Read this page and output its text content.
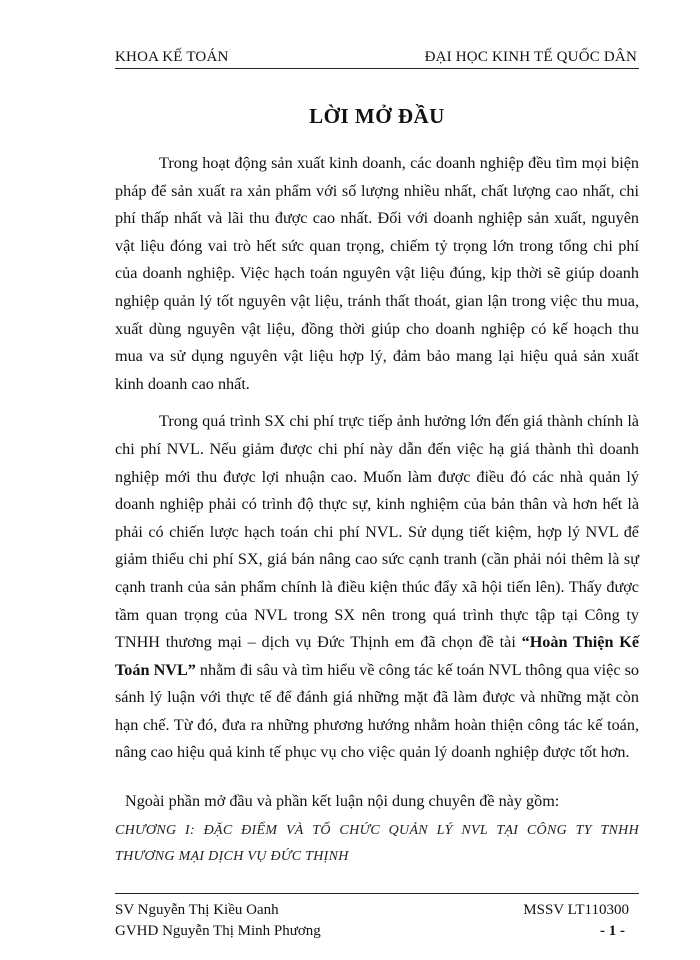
KHOA KẾ TOÁN	ĐẠI HỌC KINH TẾ QUỐC DÂN
LỜI MỞ ĐẦU

Trong hoạt động sản xuất kinh doanh, các doanh nghiệp đều tìm mọi biện pháp để sản xuất ra xản phẩm với số lượng nhiều nhất, chất lượng cao nhất, chi phí thấp nhất và lãi thu được cao nhất. Đối với doanh nghiệp sản xuất, nguyên vật liệu đóng vai trò hết sức quan trọng, chiếm tỷ trọng lớn trong tổng chi phí của doanh nghiệp. Việc hạch toán nguyên vật liệu đúng, kịp thời sẽ giúp doanh nghiệp quản lý tốt nguyên vật liệu, tránh thất thoát, gian lận trong việc thu mua, xuất dùng nguyên vật liệu, đồng thời giúp cho doanh nghiệp có kế hoạch thu mua va sử dụng nguyên vật liệu hợp lý, đảm bảo mang lại hiệu quả sản xuất kinh doanh cao nhất.

Trong quá trình SX chi phí trực tiếp ảnh hưởng lớn đến giá thành chính là chi phí NVL. Nếu giảm được chi phí này dẫn đến việc hạ giá thành thì doanh nghiệp mới thu được lợi nhuận cao. Muốn làm được điều đó các nhà quản lý doanh nghiệp phải có trình độ thực sự, kinh nghiệm của bản thân và hơn hết là phải có chiến lược hạch toán chi phí NVL. Sử dụng tiết kiệm, hợp lý NVL để giảm thiểu chi phí SX, giá bán nâng cao sức cạnh tranh (cần phải nói thêm là sự cạnh tranh của sản phẩm chính là điều kiện thúc đẩy xã hội tiến lên). Thấy được tầm quan trọng của NVL trong SX nên trong quá trình thực tập tại Công ty TNHH thương mại – dịch vụ Đức Thịnh em đã chọn đề tài “Hoàn Thiện Kế Toán NVL” nhằm đi sâu và tìm hiểu về công tác kế toán NVL thông qua việc so sánh lý luận với thực tế để đánh giá những mặt đã làm được và những mặt còn hạn chế. Từ đó, đưa ra những phương hướng nhằm hoàn thiện công tác kế toán, nâng cao hiệu quả kinh tế phục vụ cho việc quản lý doanh nghiệp được tốt hơn.

Ngoài phần mở đầu và phần kết luận nội dung chuyên đề này gồm:
CHƯƠNG I: ĐẶC ĐIỂM VÀ TỔ CHỨC QUẢN LÝ NVL TẠI CÔNG TY TNHH THƯƠNG MẠI DỊCH VỤ ĐỨC THỊNH
SV Nguyễn Thị Kiều Oanh	MSSV LT110300
GVHD Nguyễn Thị Minh Phương	- 1 -
